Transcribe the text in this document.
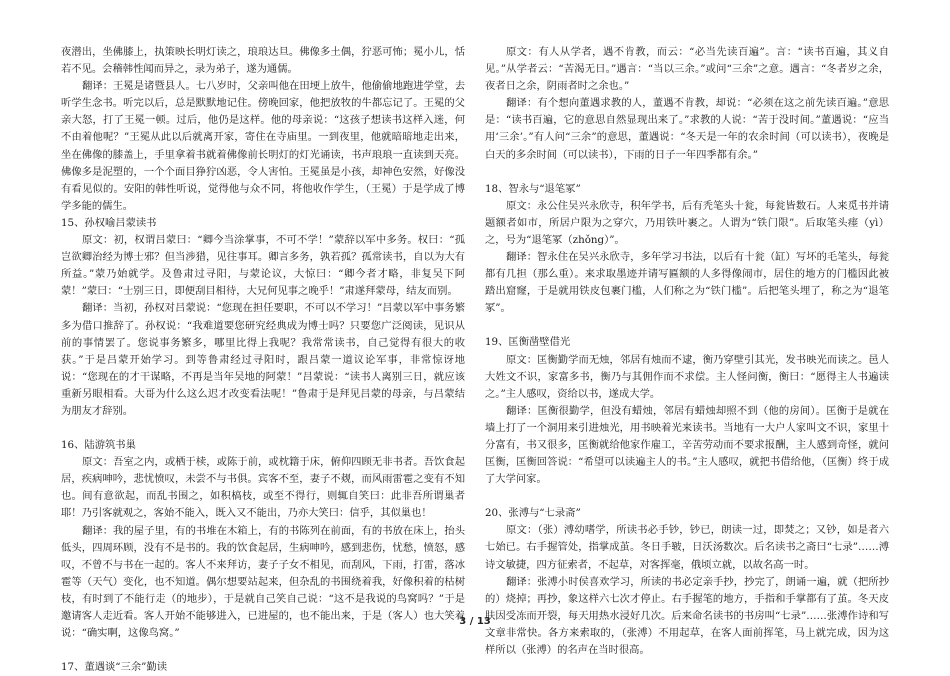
夜潜出，坐佛膝上，执策映长明灯读之，琅琅达旦。佛像多土偶，狞恶可怖；冕小儿，恬若不见。会稽韩性闻而异之，录为弟子，遂为通儒。

翻译：王冕是诸暨县人。七八岁时，父亲叫他在田埂上放牛，他偷偷地跑进学堂，去听学生念书。听完以后，总是默默地记住。傍晚回家，他把放牧的牛都忘记了。王冕的父亲大怒，打了王冕一顿。过后，他仍是这样。他的母亲说：“这孩子想读书这样入迷，何不由着他呢？”王冕从此以后就离开家，寄住在寺庙里。一到夜里，他就暗暗地走出来，坐在佛像的膝盖上，手里拿着书就着佛像前长明灯的灯光诵读，书声琅琅一直读到天亮。佛像多是泥塑的，一个个面目狰狞凶恶，令人害怕。王冕虽是小孩，却神色安然，好像没有看见似的。安阳的韩性听说，觉得他与众不同，将他收作学生，（王冕）于是学成了博学多能的儒生。

15、孙权喻吕蒙读书

原文：初，权谓吕蒙曰：“卿今当涂掌事，不可不学！”蒙辞以军中多务。权曰：“孤岂欲卿治经为博士邪？但当涉猎，见往事耳。卿言多务，孰若孤？孤常读书，自以为大有所益。”蒙乃始就学。及鲁肃过寻阳，与蒙论议，大惊曰：“卿今者才略，非复吴下阿蒙！”蒙曰：“士别三日，即便刮目相待，大兄何见事之晚乎！”肃遂拜蒙母，结友而别。

翻译：当初，孙权对吕蒙说：“您现在担任要职，不可以不学习！”吕蒙以军中事务繁多为借口推辞了。孙权说：“我难道要您研究经典成为博士吗？只要您广泛阅读，见识从前的事情罢了。您说事务繁多，哪里比得上我呢？我常常读书，自己觉得有很大的收获。”于是吕蒙开始学习。到等鲁肃经过寻阳时，跟吕蒙一道议论军事，非常惊讶地说：“您现在的才干谋略，不再是当年吴地的阿蒙！”吕蒙说：“读书人离别三日，就应该重新另眼相看。大哥为什么这么迟才改变看法呢！”鲁肃于是拜见吕蒙的母亲，与吕蒙结为朋友才辞别。

16、陆游筑书巢

原文：吾室之内，或栖于椟，或陈于前，或枕籍于床，俯仰四顾无非书者。吾饮食起居，疾病呻吟，悲忧愤叹，未尝不与书俱。宾客不至，妻子不觌，而风雨雷雹之变有不知也。间有意欲起，而乱书围之，如积槁枝，或至不得行，则辄自笑曰：此非吾所谓巢者耶！乃引客就观之，客始不能入，既入又不能出，乃亦大笑曰：信乎，其似巢也！

翻译：我的屋子里，有的书堆在木箱上，有的书陈列在前面，有的书放在床上，抬头低头，四周环顾，没有不是书的。我的饮食起居，生病呻吟，感到悲伤，忧愁，愤怒，感叹，不曾不与书在一起的。客人不来拜访，妻子子女不相见，而刮风，下雨，打雷，落冰雹等（天气）变化，也不知道。偶尔想要站起来，但杂乱的书围绕着我，好像积着的枯树枝，有时到了不能行走（的地步），于是就自己笑自己说：“这不是我说的鸟窝吗？”于是邀请客人走近看。客人开始不能够进入，已进屋的，也不能出来，于是（客人）也大笑着说：“确实啊，这像鸟窝。”

17、董遇谈“三余”勤读

原文：有人从学者，遇不肯教，而云：“必当先读百遍”。言：“读书百遍，其义自见。”从学者云：“苦渴无日。”遇言：“当以三余。”或问“三余”之意。遇言：“冬者岁之余，夜者日之余，阴雨者时之余也。”

翻译：有个想向董遇求教的人，董遇不肯教，却说：“必须在这之前先读百遍。”意思是：“读书百遍，它的意思自然显现出来了。”求教的人说：“苦于没时间。”董遇说：“应当用‘三余’。”有人问“三余”的意思，董遇说：“冬天是一年的农余时间（可以读书），夜晚是白天的多余时间（可以读书），下雨的日子一年四季都有余。”

18、智永与“退笔冢”

原文：永公住吴兴永欣寺，积年学书，后有秃笔头十瓮，每瓮皆数石。人来觅书并请题额者如市，所居户限为之穿穴，乃用铁叶裹之。人谓为“铁门限”。后取笔头瘗（yì）之，号为“退笔冢（zhǒng）”。

翻译：智永住在吴兴永欣寺，多年学习书法，以后有十瓮（缸）写坏的毛笔头，每瓮都有几担（那么重）。来求取墨迹并请写匾额的人多得像闹市，居住的地方的门槛因此被踏出窟窿，于是就用铁皮包裹门槛，人们称之为“铁门槛”。后把笔头埋了，称之为“退笔冢”。

19、匡衡凿壁借光

原文：匡衡勤学而无烛，邻居有烛而不逮，衡乃穿壁引其光，发书映光而读之。邑人大姓文不识，家富多书，衡乃与其佣作而不求偿。主人怪问衡，衡曰：“愿得主人书遍读之。”主人感叹，资给以书，遂成大学。

翻译：匡衡很勤学，但没有蜡烛，邻居有蜡烛却照不到（他的房间）。匡衡于是就在墙上打了一个洞用来引进烛光，用书映着光来读书。当地有一大户人家叫文不识，家里十分富有，书又很多，匡衡就给他家作雇工，辛苦劳动而不要求报酬，主人感到奇怪，就问匡衡，匡衡回答说：“希望可以读遍主人的书。”主人感叹，就把书借给他，（匡衡）终于成了大学问家。

20、张溥与“七录斋”

原文：（张）溥幼嗜学，所读书必手钞，钞已，朗读一过，即焚之；又钞，如是者六七始已。右手握管处，指掌成茧。冬日手皲，日沃汤数次。后名读书之斋曰“七录”……溥诗文敏捷，四方征索者，不起草，对客挥毫，俄顷立就，以故名高一时。

翻译：张溥小时侯喜欢学习，所读的书必定亲手抄，抄完了，朗诵一遍，就（把所抄的）烧掉；再抄，象这样六七次才停止。右手握笔的地方，手指和手掌都有了茧。冬天皮肤因受冻而开裂，每天用热水浸好几次。后来命名读书的书房叫“七录”……张溥作诗和写文章非常快。各方来索取的，（张溥）不用起草，在客人面前挥笔，马上就完成，因为这样所以（张溥）的名声在当时很高。

3 / 13
